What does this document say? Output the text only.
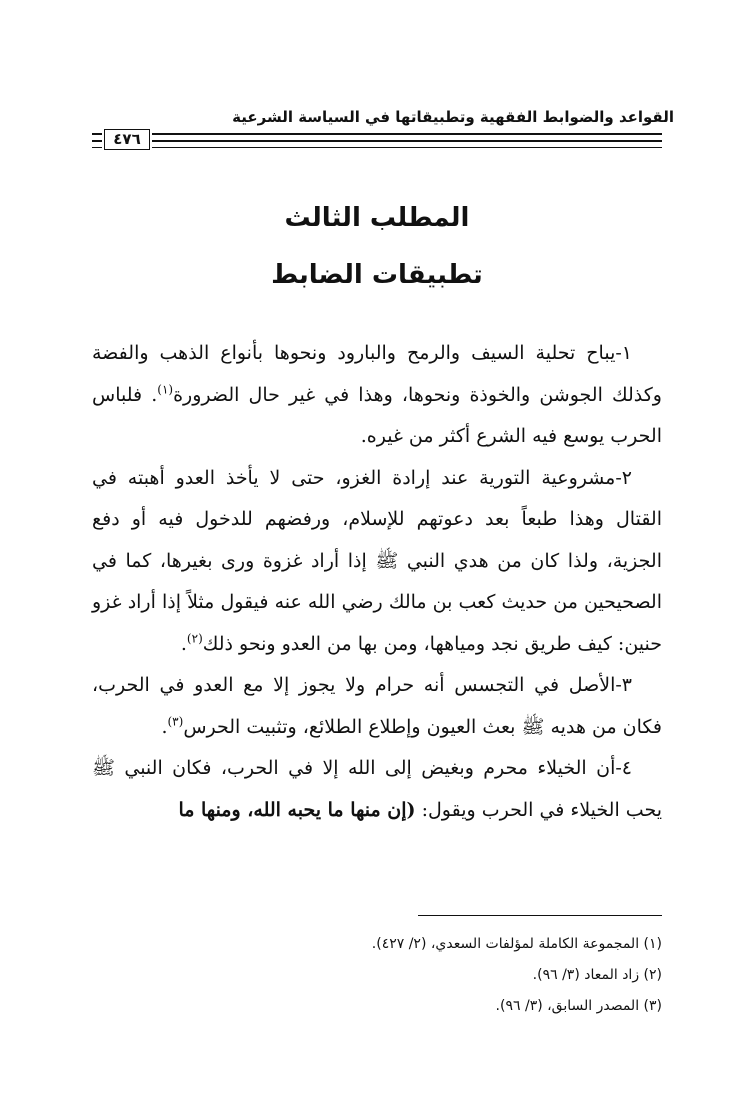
القواعد والضوابط الفقهية وتطبيقاتها في السياسة الشرعية
٤٧٦
المطلب الثالث
تطبيقات الضابط

١-يباح تحلية السيف والرمح والبارود ونحوها بأنواع الذهب والفضة وكذلك الجوشن والخوذة ونحوها، وهذا في غير حال الضرورة$^{(١)}$. فلباس الحرب يوسع فيه الشرع أكثر من غيره.

٢-مشروعية التورية عند إرادة الغزو، حتى لا يأخذ العدو أهبته في القتال وهذا طبعاً بعد دعوتهم للإسلام، ورفضهم للدخول فيه أو دفع الجزية، ولذا كان من هدي النبي ﷺ إذا أراد غزوة ورى بغيرها، كما في الصحيحين من حديث كعب بن مالك رضي الله عنه فيقول مثلاً إذا أراد غزو حنين: كيف طريق نجد ومياهها، ومن بها من العدو ونحو ذلك$^{(٢)}$.

٣-الأصل في التجسس أنه حرام ولا يجوز إلا مع العدو في الحرب، فكان من هديه ﷺ بعث العيون وإطلاع الطلائع، وتثبيت الحرس$^{(٣)}$.

٤-أن الخيلاء محرم وبغيض إلى الله إلا في الحرب، فكان النبي ﷺ يحب الخيلاء في الحرب ويقول: (إن منها ما يحبه الله، ومنها ما

(١) المجموعة الكاملة لمؤلفات السعدي، (٢/ ٤٢٧).

(٢) زاد المعاد (٣/ ٩٦).

(٣) المصدر السابق، (٣/ ٩٦).
